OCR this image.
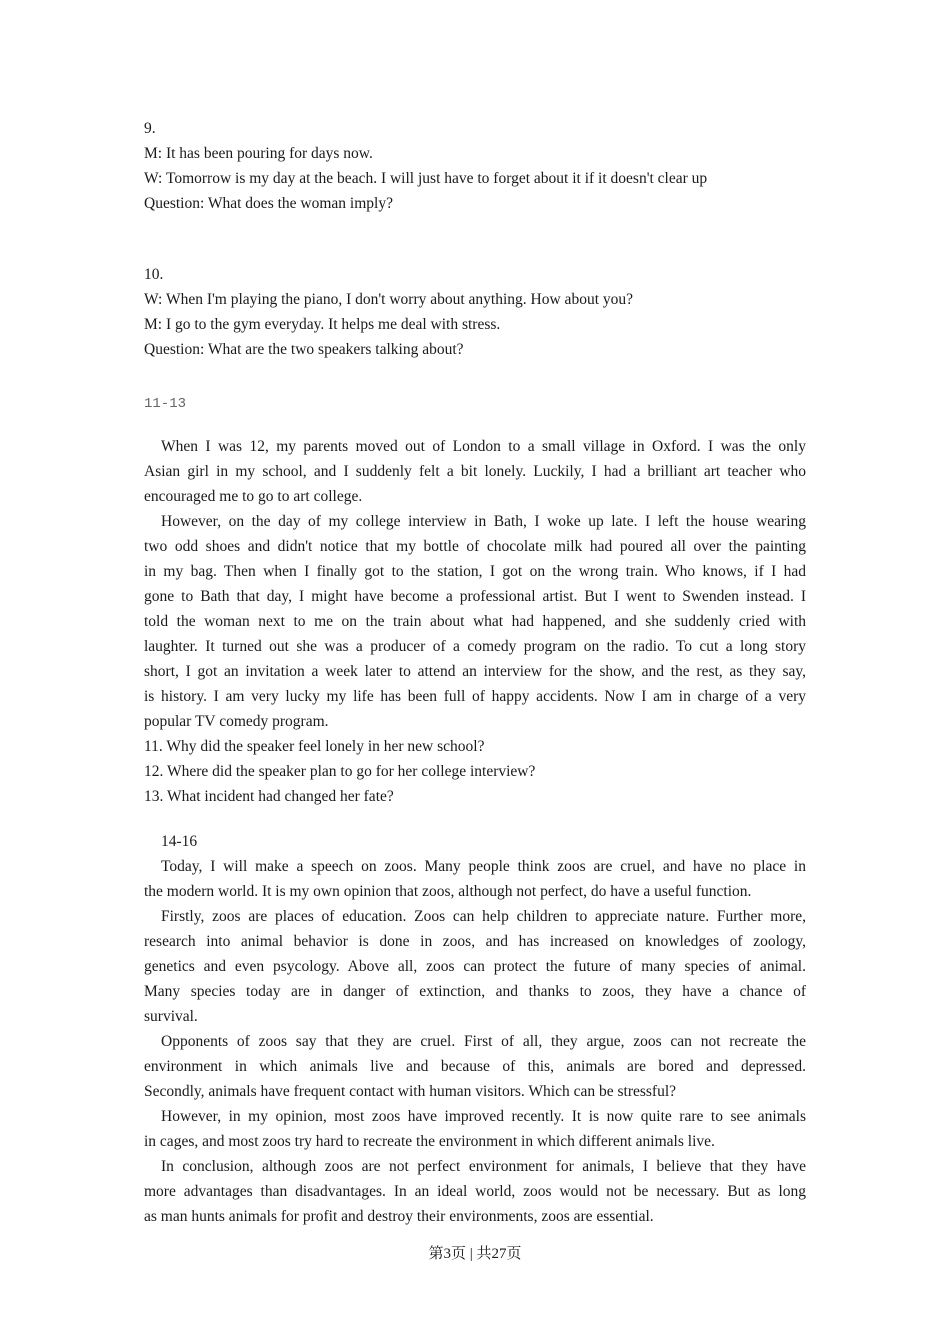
9.
M: It has been pouring for days now.
W: Tomorrow is my day at the beach. I will just have to forget about it if it doesn't clear up
Question: What does the woman imply?
10.
W: When I'm playing the piano, I don't worry about anything. How about you?
M: I go to the gym everyday. It helps me deal with stress.
Question: What are the two speakers talking about?
11-13
When I was 12, my parents moved out of London to a small village in Oxford. I was the only
Asian girl in my school, and I suddenly felt a bit lonely. Luckily, I had a brilliant art teacher who
encouraged me to go to art college.
However, on the day of my college interview in Bath, I woke up late. I left the house wearing
two odd shoes and didn't notice that my bottle of chocolate milk had poured all over the painting
in my bag. Then when I finally got to the station, I got on the wrong train. Who knows, if I had
gone to Bath that day, I might have become a professional artist. But I went to Swenden instead. I
told the woman next to me on the train about what had happened, and she suddenly cried with
laughter. It turned out she was a producer of a comedy program on the radio. To cut a long story
short, I got an invitation a week later to attend an interview for the show, and the rest, as they say,
is history. I am very lucky my life has been full of happy accidents. Now I am in charge of a very
popular TV comedy program.
11. Why did the speaker feel lonely in her new school?
12. Where did the speaker plan to go for her college interview?
13. What incident had changed her fate?
14-16
Today, I will make a speech on zoos. Many people think zoos are cruel, and have no place in
the modern world. It is my own opinion that zoos, although not perfect, do have a useful function.
Firstly, zoos are places of education. Zoos can help children to appreciate nature. Further more,
research into animal behavior is done in zoos, and has increased on knowledges of zoology,
genetics and even psycology. Above all, zoos can protect the future of many species of animal.
Many species today are in danger of extinction, and thanks to zoos, they have a chance of
survival.
Opponents of zoos say that they are cruel. First of all, they argue, zoos can not recreate the
environment in which animals live and because of this, animals are bored and depressed.
Secondly, animals have frequent contact with human visitors. Which can be stressful?
However, in my opinion, most zoos have improved recently. It is now quite rare to see animals
in cages, and most zoos try hard to recreate the environment in which different animals live.
In conclusion, although zoos are not perfect environment for animals, I believe that they have
more advantages than disadvantages. In an ideal world, zoos would not be necessary. But as long
as man hunts animals for profit and destroy their environments, zoos are essential.
第3页 | 共27页
